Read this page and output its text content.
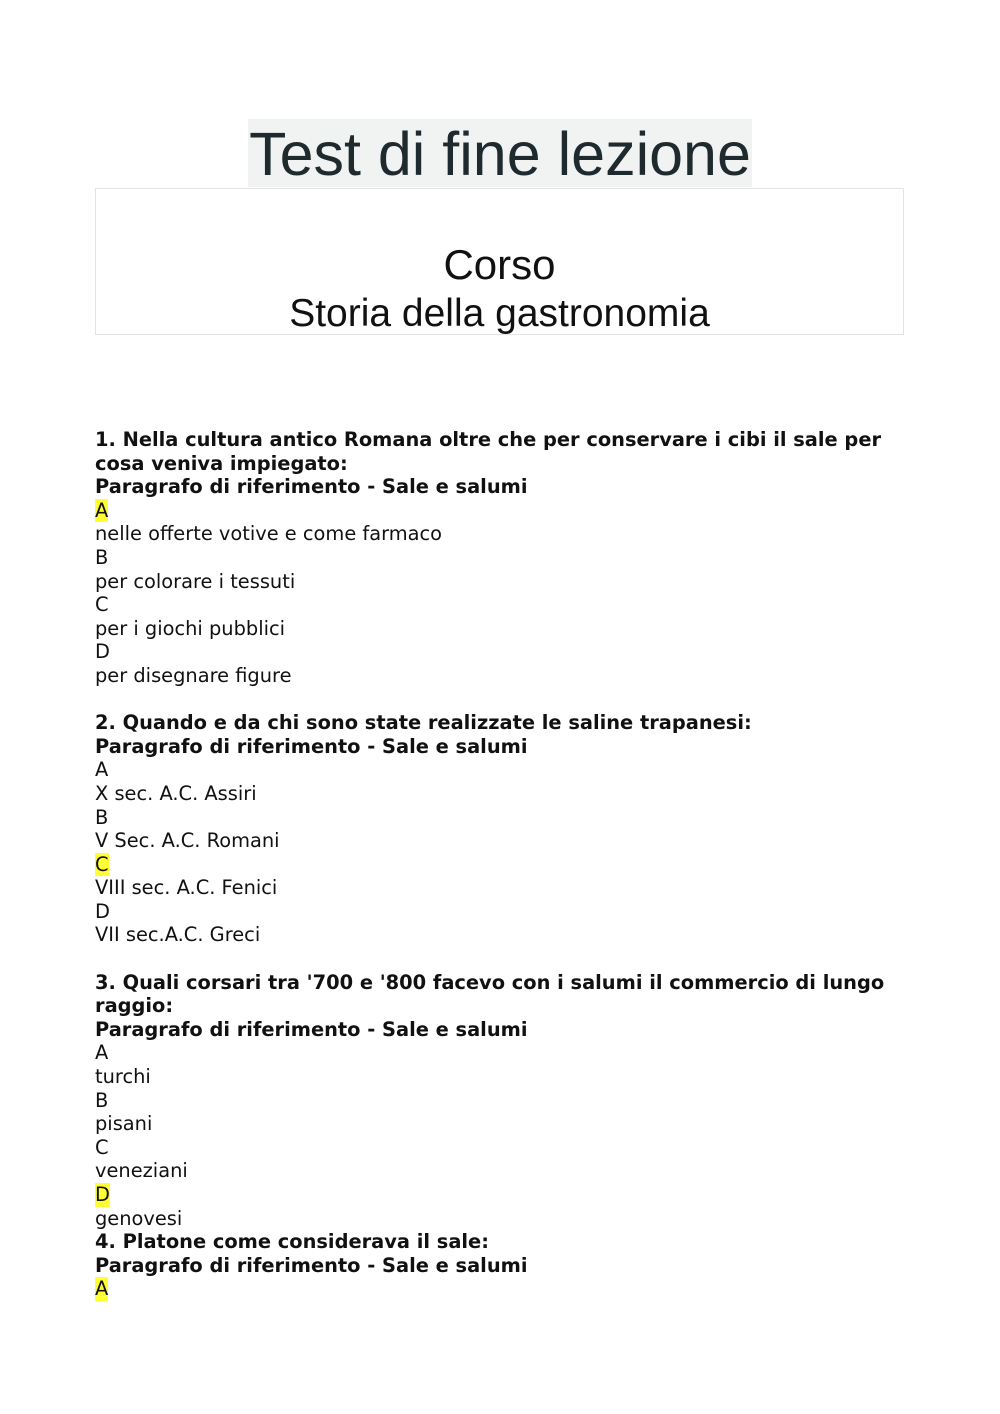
Test di fine lezione
Corso
Storia della gastronomia
1. Nella cultura antico Romana oltre che per conservare i cibi il sale per cosa veniva impiegato:
Paragrafo di riferimento - Sale e salumi
A
nelle offerte votive e come farmaco
B
per colorare i tessuti
C
per i giochi pubblici
D
per disegnare figure
2. Quando e da chi sono state realizzate le saline trapanesi:
Paragrafo di riferimento - Sale e salumi
A
X sec. A.C. Assiri
B
V Sec. A.C. Romani
C
VIII sec. A.C. Fenici
D
VII sec.A.C. Greci
3. Quali corsari tra '700 e '800 facevo con i salumi il commercio di lungo raggio:
Paragrafo di riferimento - Sale e salumi
A
turchi
B
pisani
C
veneziani
D
genovesi
4. Platone come considerava il sale:
Paragrafo di riferimento - Sale e salumi
A
